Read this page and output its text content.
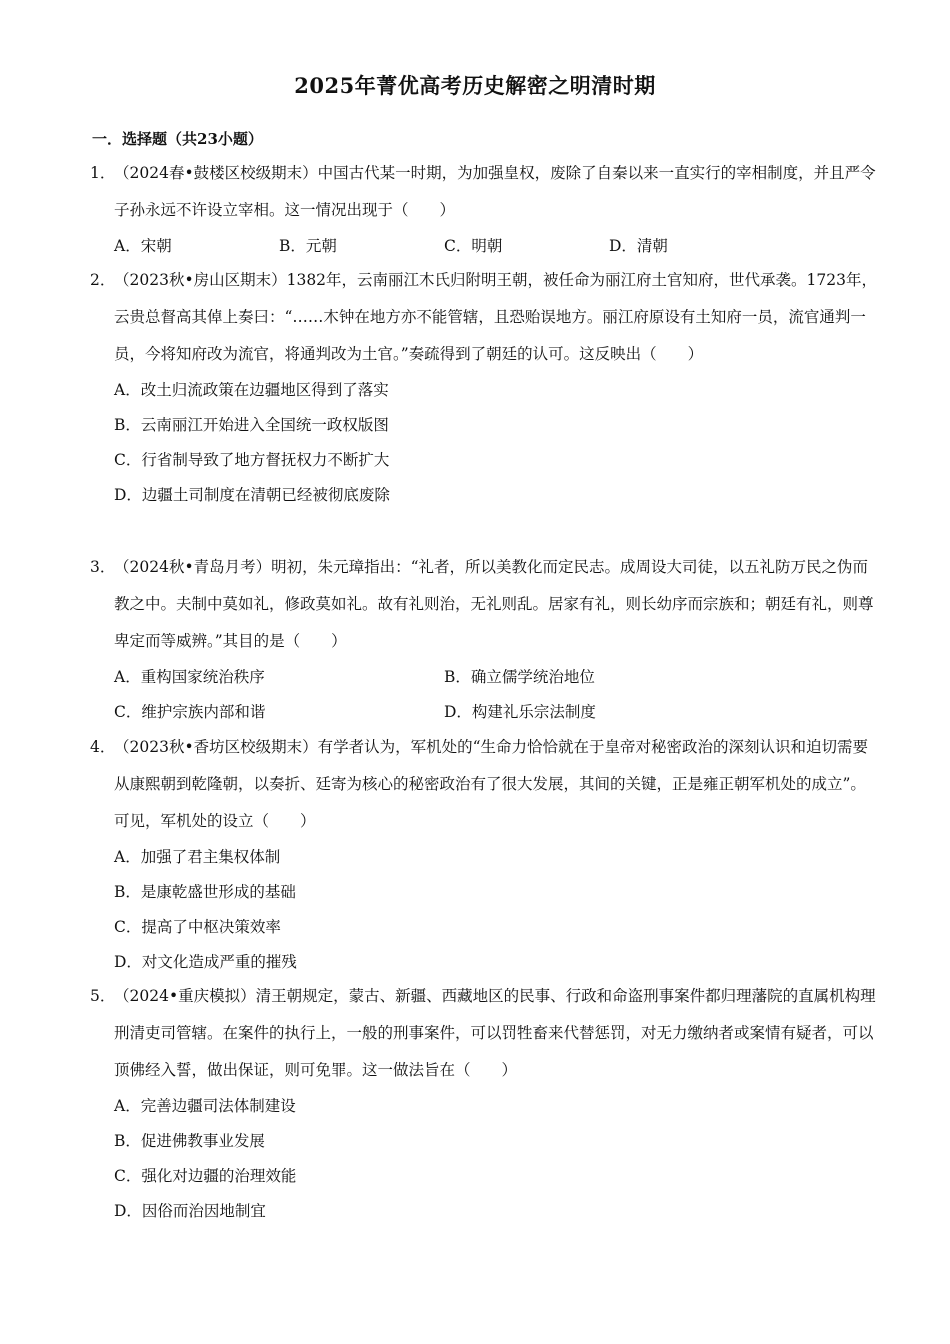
2025年菁优高考历史解密之明清时期
一．选择题（共23小题）
1．
（2024春•鼓楼区校级期末）中国古代某一时期，为加强皇权，废除了自秦以来一直实行的宰相制度，并且严令子孙永远不许设立宰相。这一情况出现于（　　）
A．宋朝	B．元朝	C．明朝	D．清朝
2．
（2023秋•房山区期末）1382年，云南丽江木氏归附明王朝，被任命为丽江府土官知府，世代承袭。1723年，云贵总督高其倬上奏曰：“……木钟在地方亦不能管辖，且恐贻误地方。丽江府原设有土知府一员，流官通判一员，今将知府改为流官，将通判改为土官。”奏疏得到了朝廷的认可。这反映出（　　）
A．改土归流政策在边疆地区得到了落实
B．云南丽江开始进入全国统一政权版图
C．行省制导致了地方督抚权力不断扩大
D．边疆土司制度在清朝已经被彻底废除
3．
（2024秋•青岛月考）明初，朱元璋指出：“礼者，所以美教化而定民志。成周设大司徒，以五礼防万民之伪而教之中。夫制中莫如礼，修政莫如礼。故有礼则治，无礼则乱。居家有礼，则长幼序而宗族和；朝廷有礼，则尊卑定而等威辨。”其目的是（　　）
A．重构国家统治秩序	B．确立儒学统治地位
C．维护宗族内部和谐	D．构建礼乐宗法制度
4．
（2023秋•香坊区校级期末）有学者认为，军机处的“生命力恰恰就在于皇帝对秘密政治的深刻认识和迫切需要从康熙朝到乾隆朝，以奏折、廷寄为核心的秘密政治有了很大发展，其间的关键，正是雍正朝军机处的成立”。可见，军机处的设立（　　）
A．加强了君主集权体制
B．是康乾盛世形成的基础
C．提高了中枢决策效率
D．对文化造成严重的摧残
5．
（2024•重庆模拟）清王朝规定，蒙古、新疆、西藏地区的民事、行政和命盗刑事案件都归理藩院的直属机构理刑清吏司管辖。在案件的执行上，一般的刑事案件，可以罚牲畜来代替惩罚，对无力缴纳者或案情有疑者，可以顶佛经入誓，做出保证，则可免罪。这一做法旨在（　　）
A．完善边疆司法体制建设
B．促进佛教事业发展
C．强化对边疆的治理效能
D．因俗而治因地制宜
